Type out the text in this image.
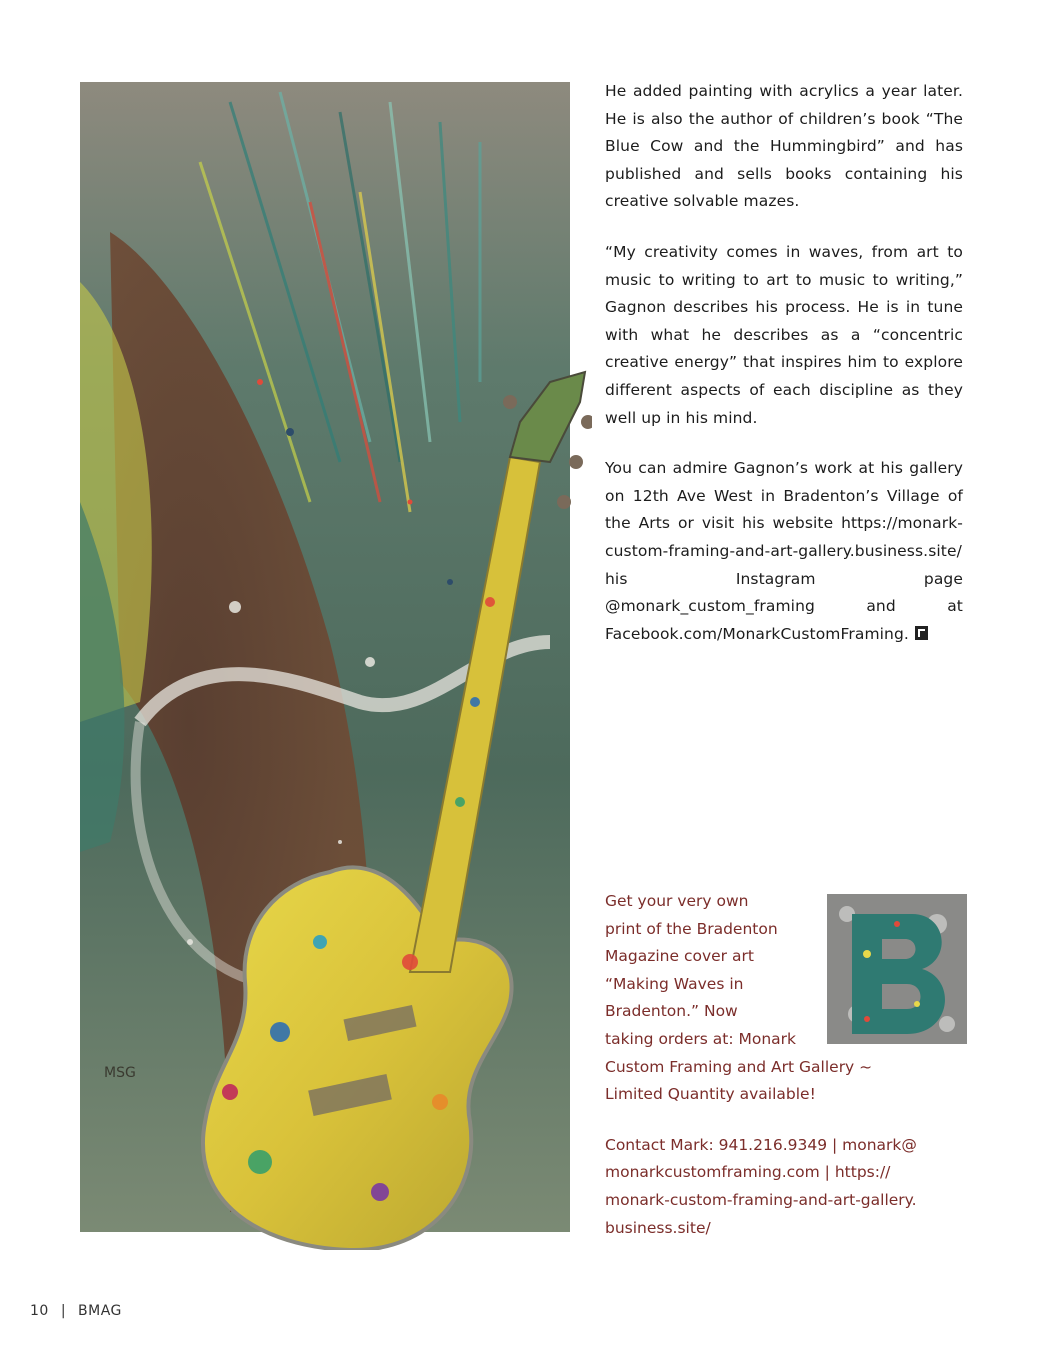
MSG

He added painting with acrylics a year later. He is also the author of children’s book “The Blue Cow and the Hummingbird” and has published and sells books containing his creative solvable mazes.

“My creativity comes in waves, from art to music to writing to art to music to writing,” Gagnon describes his process. He is in tune with what he describes as a “concentric creative energy” that inspires him to explore different aspects of each discipline as they well up in his mind.

You can admire Gagnon’s work at his gallery on 12th Ave West in Bradenton’s Village of the Arts or visit his website https://monark-custom-framing-and-art-gallery.business.site/ his Instagram page @monark_custom_framing and at Facebook.com/MonarkCustomFraming.

Get your very own
print of the Bradenton
Magazine cover art
“Making Waves in
Bradenton.” Now
taking orders at: Monark
Custom Framing and Art Gallery ~
Limited Quantity available!

Contact Mark: 941.216.9349 | monark@
monarkcustomframing.com | https://
monark-custom-framing-and-art-gallery.
business.site/

10 | BMAG
